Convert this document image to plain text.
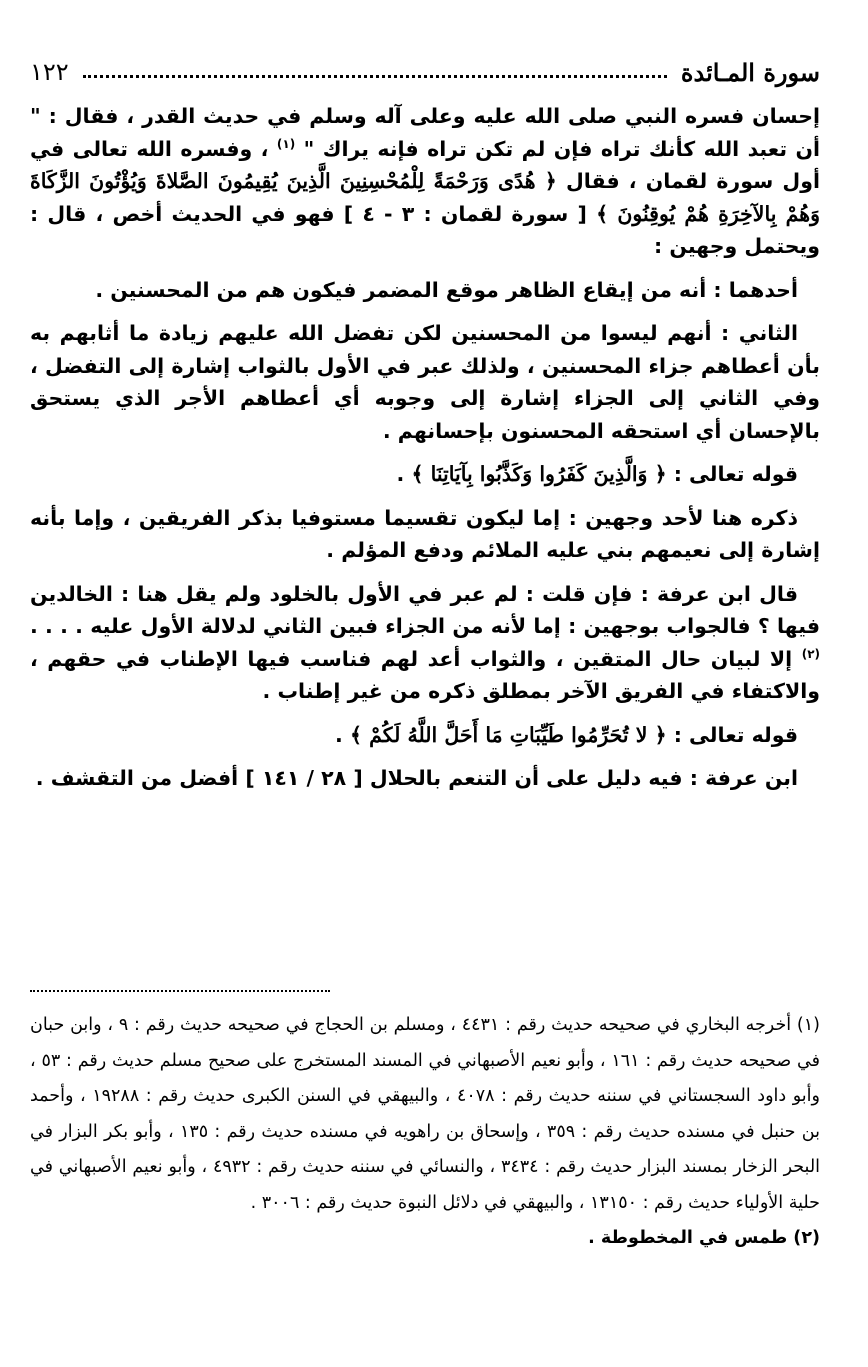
سورة المـائدة
١٢٢

إحسان فسره النبي صلى الله عليه وعلى آله وسلم في حديث القدر ، فقال : " أن تعبد الله كأنك تراه فإن لم تكن تراه فإنه يراك " $^{(١)}$ ، وفسره الله تعالى في أول سورة لقمان ، فقال ﴿ هُدًى وَرَحْمَةً لِلْمُحْسِنِينَ الَّذِينَ يُقِيمُونَ الصَّلاةَ وَيُؤْتُونَ الزَّكَاةَ وَهُمْ بِالآخِرَةِ هُمْ يُوقِنُونَ ﴾ [ سورة لقمان : ٣ - ٤ ] فهو في الحديث أخص ، قال : ويحتمل وجهين :

أحدهما : أنه من إيقاع الظاهر موقع المضمر فيكون هم من المحسنين .

الثاني : أنهم ليسوا من المحسنين لكن تفضل الله عليهم زيادة ما أثابهم به بأن أعطاهم جزاء المحسنين ، ولذلك عبر في الأول بالثواب إشارة إلى التفضل ، وفي الثاني إلى الجزاء إشارة إلى وجوبه أي أعطاهم الأجر الذي يستحق بالإحسان أي استحقه المحسنون بإحسانهم .

قوله تعالى : ﴿ وَالَّذِينَ كَفَرُوا وَكَذَّبُوا بِآيَاتِنَا ﴾ .

ذكره هنا لأحد وجهين : إما ليكون تقسيما مستوفيا بذكر الفريقين ، وإما بأنه إشارة إلى نعيمهم بني عليه الملائم ودفع المؤلم .

قال ابن عرفة : فإن قلت : لم عبر في الأول بالخلود ولم يقل هنا : الخالدين فيها ؟ فالجواب بوجهين : إما لأنه من الجزاء فبين الثاني لدلالة الأول عليه . . . . $^{(٢)}$ إلا لبيان حال المتقين ، والثواب أعد لهم فناسب فيها الإطناب في حقهم ، والاكتفاء في الفريق الآخر بمطلق ذكره من غير إطناب .

قوله تعالى : ﴿ لا تُحَرِّمُوا طَيِّبَاتِ مَا أَحَلَّ اللَّهُ لَكُمْ ﴾ .

ابن عرفة : فيه دليل على أن التنعم بالحلال [ ٢٨ / ١٤١ ] أفضل من التقشف .

(١) أخرجه البخاري في صحيحه حديث رقم : ٤٤٣١ ، ومسلم بن الحجاج في صحيحه حديث رقم : ٩ ، وابن حبان في صحيحه حديث رقم : ١٦١ ، وأبو نعيم الأصبهاني في المسند المستخرج على صحيح مسلم حديث رقم : ٥٣ ، وأبو داود السجستاني في سننه حديث رقم : ٤٠٧٨ ، والبيهقي في السنن الكبرى حديث رقم : ١٩٢٨٨ ، وأحمد بن حنبل في مسنده حديث رقم : ٣٥٩ ، وإسحاق بن راهويه في مسنده حديث رقم : ١٣٥ ، وأبو بكر البزار في البحر الزخار بمسند البزار حديث رقم : ٣٤٣٤ ، والنسائي في سننه حديث رقم : ٤٩٣٢ ، وأبو نعيم الأصبهاني في حلية الأولياء حديث رقم : ١٣١٥٠ ، والبيهقي في دلائل النبوة حديث رقم : ٣٠٠٦ .

(٢) طمس في المخطوطة .
